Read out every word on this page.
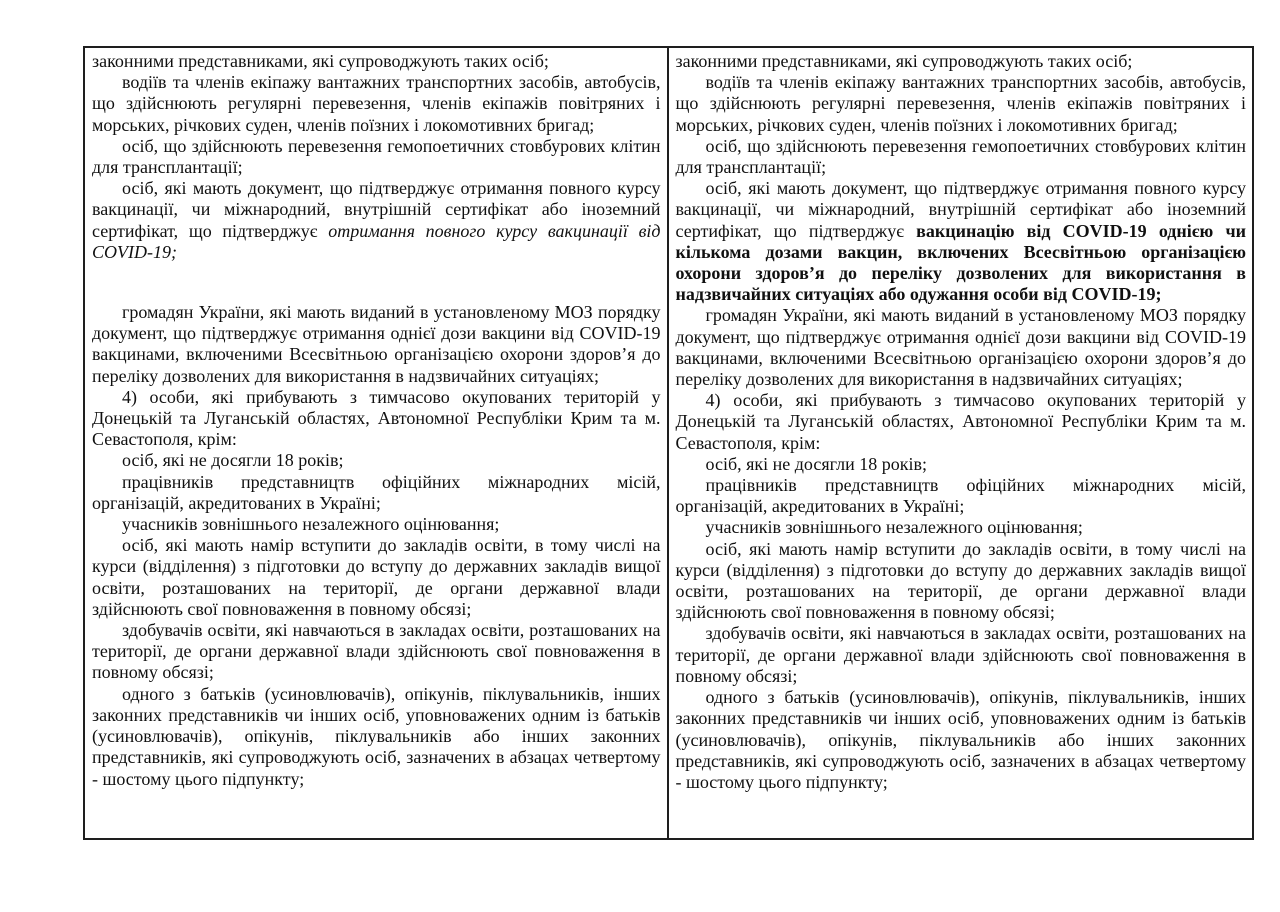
законними представниками, які супроводжують таких осіб;

водіїв та членів екіпажу вантажних транспортних засобів, автобусів, що здійснюють регулярні перевезення, членів екіпажів повітряних і морських, річкових суден, членів поїзних і локомотивних бригад;

осіб, що здійснюють перевезення гемопоетичних стовбурових клітин для трансплантації;

осіб, які мають документ, що підтверджує отримання повного курсу вакцинації, чи міжнародний, внутрішній сертифікат або іноземний сертифікат, що підтверджує отримання повного курсу вакцинації від COVID-19;

громадян України, які мають виданий в установленому МОЗ порядку документ, що підтверджує отримання однієї дози вакцини від COVID-19 вакцинами, включеними Всесвітньою організацією охорони здоров’я до переліку дозволених для використання в надзвичайних ситуаціях;

4) особи, які прибувають з тимчасово окупованих територій у Донецькій та Луганській областях, Автономної Республіки Крим та м. Севастополя, крім:

осіб, які не досягли 18 років;

працівників представництв офіційних міжнародних місій, організацій, акредитованих в Україні;

учасників зовнішнього незалежного оцінювання;

осіб, які мають намір вступити до закладів освіти, в тому числі на курси (відділення) з підготовки до вступу до державних закладів вищої освіти, розташованих на території, де органи державної влади здійснюють свої повноваження в повному обсязі;

здобувачів освіти, які навчаються в закладах освіти, розташованих на території, де органи державної влади здійснюють свої повноваження в повному обсязі;

одного з батьків (усиновлювачів), опікунів, піклувальників, інших законних представників чи інших осіб, уповноважених одним із батьків (усиновлювачів), опікунів, піклувальників або інших законних представників, які супроводжують осіб, зазначених в абзацах четвертому - шостому цього підпункту;

законними представниками, які супроводжують таких осіб;

водіїв та членів екіпажу вантажних транспортних засобів, автобусів, що здійснюють регулярні перевезення, членів екіпажів повітряних і морських, річкових суден, членів поїзних і локомотивних бригад;

осіб, що здійснюють перевезення гемопоетичних стовбурових клітин для трансплантації;

осіб, які мають документ, що підтверджує отримання повного курсу вакцинації, чи міжнародний, внутрішній сертифікат або іноземний сертифікат, що підтверджує вакцинацію від COVID-19 однією чи кількома дозами вакцин, включених Всесвітньою організацією охорони здоров’я до переліку дозволених для використання в надзвичайних ситуаціях або одужання особи від COVID-19;

громадян України, які мають виданий в установленому МОЗ порядку документ, що підтверджує отримання однієї дози вакцини від COVID-19 вакцинами, включеними Всесвітньою організацією охорони здоров’я до переліку дозволених для використання в надзвичайних ситуаціях;

4) особи, які прибувають з тимчасово окупованих територій у Донецькій та Луганській областях, Автономної Республіки Крим та м. Севастополя, крім:

осіб, які не досягли 18 років;

працівників представництв офіційних міжнародних місій, організацій, акредитованих в Україні;

учасників зовнішнього незалежного оцінювання;

осіб, які мають намір вступити до закладів освіти, в тому числі на курси (відділення) з підготовки до вступу до державних закладів вищої освіти, розташованих на території, де органи державної влади здійснюють свої повноваження в повному обсязі;

здобувачів освіти, які навчаються в закладах освіти, розташованих на території, де органи державної влади здійснюють свої повноваження в повному обсязі;

одного з батьків (усиновлювачів), опікунів, піклувальників, інших законних представників чи інших осіб, уповноважених одним із батьків (усиновлювачів), опікунів, піклувальників або інших законних представників, які супроводжують осіб, зазначених в абзацах четвертому - шостому цього підпункту;
